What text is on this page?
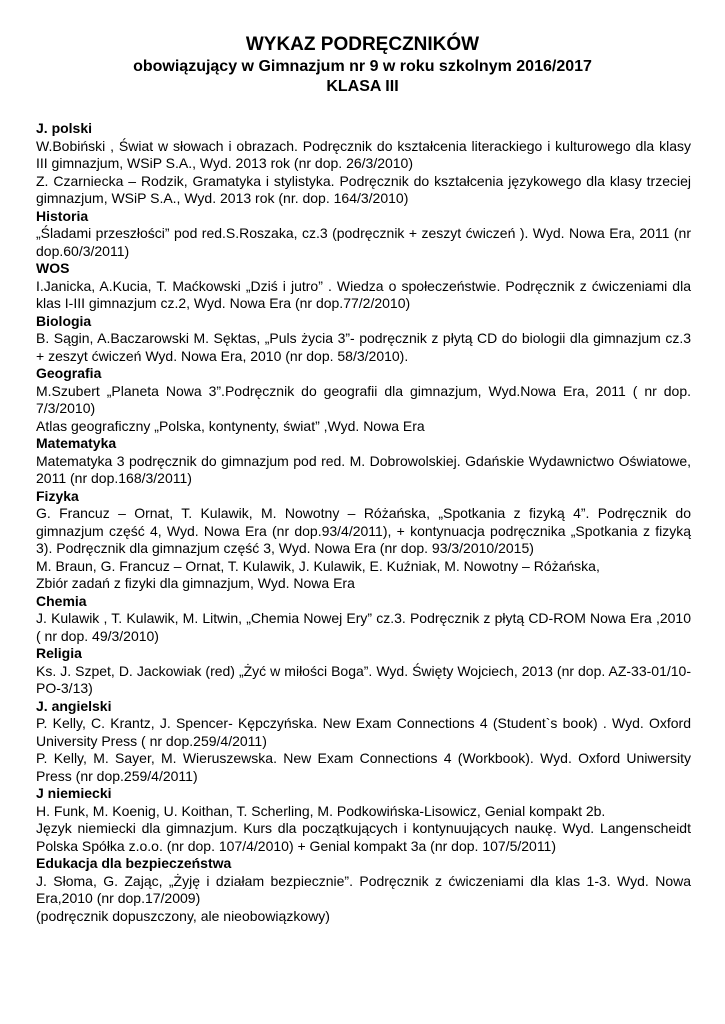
WYKAZ PODRĘCZNIKÓW
obowiązujący w Gimnazjum nr 9 w roku szkolnym 2016/2017
KLASA III
J. polski
W.Bobiński , Świat w słowach i obrazach. Podręcznik do kształcenia literackiego i kulturowego dla klasy III gimnazjum, WSiP S.A., Wyd. 2013 rok (nr dop. 26/3/2010)
Z. Czarniecka – Rodzik, Gramatyka i stylistyka. Podręcznik do kształcenia językowego dla klasy trzeciej gimnazjum, WSiP S.A., Wyd. 2013 rok (nr. dop. 164/3/2010)
Historia
„Śladami przeszłości” pod red.S.Roszaka, cz.3 (podręcznik + zeszyt ćwiczeń ). Wyd. Nowa Era, 2011 (nr dop.60/3/2011)
WOS
I.Janicka, A.Kucia, T. Maćkowski „Dziś i jutro” . Wiedza o społeczeństwie. Podręcznik z ćwiczeniami dla klas I-III gimnazjum cz.2, Wyd. Nowa Era (nr dop.77/2/2010)
Biologia
B. Sągin, A.Baczarowski M. Sęktas, „Puls życia 3”- podręcznik z płytą CD do biologii dla gimnazjum cz.3 + zeszyt ćwiczeń Wyd. Nowa Era, 2010 (nr dop. 58/3/2010).
Geografia
M.Szubert „Planeta Nowa 3”.Podręcznik do geografii dla gimnazjum, Wyd.Nowa Era, 2011 ( nr dop. 7/3/2010)
Atlas geograficzny „Polska, kontynenty, świat” ,Wyd. Nowa Era
Matematyka
Matematyka 3 podręcznik do gimnazjum pod red. M. Dobrowolskiej. Gdańskie Wydawnictwo Oświatowe, 2011 (nr dop.168/3/2011)
Fizyka
G. Francuz – Ornat, T. Kulawik, M. Nowotny – Różańska, „Spotkania z fizyką 4”. Podręcznik do gimnazjum część 4, Wyd. Nowa Era (nr dop.93/4/2011), + kontynuacja podręcznika „Spotkania z fizyką 3). Podręcznik dla gimnazjum część 3, Wyd. Nowa Era (nr dop. 93/3/2010/2015)
M. Braun, G. Francuz – Ornat, T. Kulawik, J. Kulawik, E. Kuźniak, M. Nowotny – Różańska,
Zbiór zadań z fizyki dla gimnazjum, Wyd. Nowa Era
Chemia
J. Kulawik , T. Kulawik, M. Litwin, „Chemia Nowej Ery” cz.3. Podręcznik z płytą CD-ROM Nowa Era ,2010 ( nr dop. 49/3/2010)
Religia
Ks. J. Szpet, D. Jackowiak (red) „Żyć w miłości Boga”. Wyd. Święty Wojciech, 2013 (nr dop. AZ-33-01/10-PO-3/13)
J. angielski
P. Kelly, C. Krantz, J. Spencer- Kępczyńska. New Exam Connections 4 (Student`s book) . Wyd. Oxford University Press ( nr dop.259/4/2011)
P. Kelly, M. Sayer, M. Wieruszewska. New Exam Connections 4 (Workbook). Wyd. Oxford Uniwersity Press (nr dop.259/4/2011)
J niemiecki
H. Funk, M. Koenig, U. Koithan, T. Scherling, M. Podkowińska-Lisowicz, Genial kompakt 2b.
Język niemiecki dla gimnazjum. Kurs dla początkujących i kontynuujących naukę. Wyd. Langenscheidt Polska Spółka z.o.o. (nr dop. 107/4/2010) + Genial kompakt 3a (nr dop. 107/5/2011)
Edukacja dla bezpieczeństwa
J. Słoma, G. Zając, „Żyję i działam bezpiecznie”. Podręcznik z ćwiczeniami dla klas 1-3. Wyd. Nowa Era,2010 (nr dop.17/2009)
(podręcznik dopuszczony, ale nieobowiązkowy)
